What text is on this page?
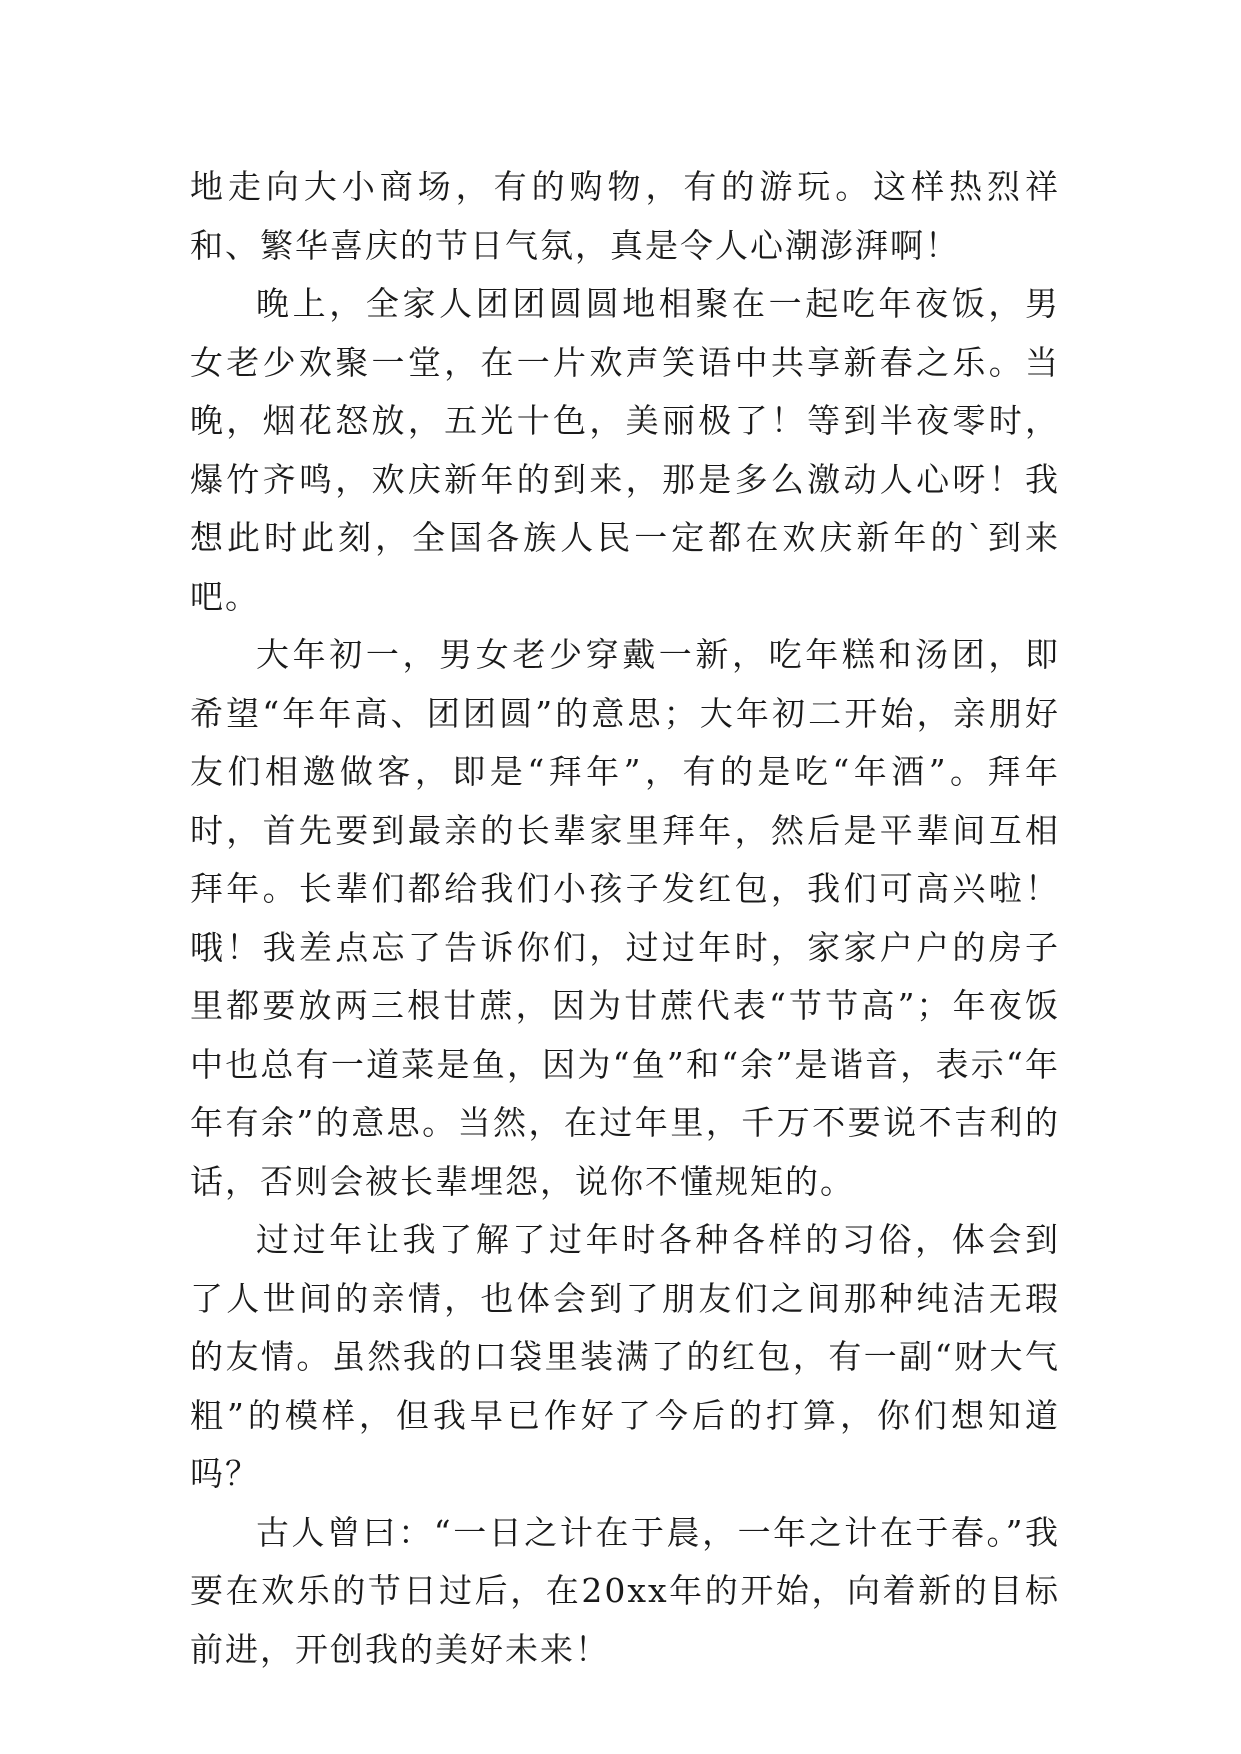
地走向大小商场，有的购物，有的游玩。这样热烈祥和、繁华喜庆的节日气氛，真是令人心潮澎湃啊！

晚上，全家人团团圆圆地相聚在一起吃年夜饭，男女老少欢聚一堂，在一片欢声笑语中共享新春之乐。当晚，烟花怒放，五光十色，美丽极了！等到半夜零时，爆竹齐鸣，欢庆新年的到来，那是多么激动人心呀！我想此时此刻，全国各族人民一定都在欢庆新年的`到来吧。

大年初一，男女老少穿戴一新，吃年糕和汤团，即希望“年年高、团团圆”的意思；大年初二开始，亲朋好友们相邀做客，即是“拜年”，有的是吃“年酒”。拜年时，首先要到最亲的长辈家里拜年，然后是平辈间互相拜年。长辈们都给我们小孩子发红包，我们可高兴啦！哦！我差点忘了告诉你们，过过年时，家家户户的房子里都要放两三根甘蔗，因为甘蔗代表“节节高”；年夜饭中也总有一道菜是鱼，因为“鱼”和“余”是谐音，表示“年年有余”的意思。当然，在过年里，千万不要说不吉利的话，否则会被长辈埋怨，说你不懂规矩的。

过过年让我了解了过年时各种各样的习俗，体会到了人世间的亲情，也体会到了朋友们之间那种纯洁无瑕的友情。虽然我的口袋里装满了的红包，有一副“财大气粗”的模样，但我早已作好了今后的打算，你们想知道吗？

古人曾曰：“一日之计在于晨，一年之计在于春。”我要在欢乐的节日过后，在20xx年的开始，向着新的目标前进，开创我的美好未来！
